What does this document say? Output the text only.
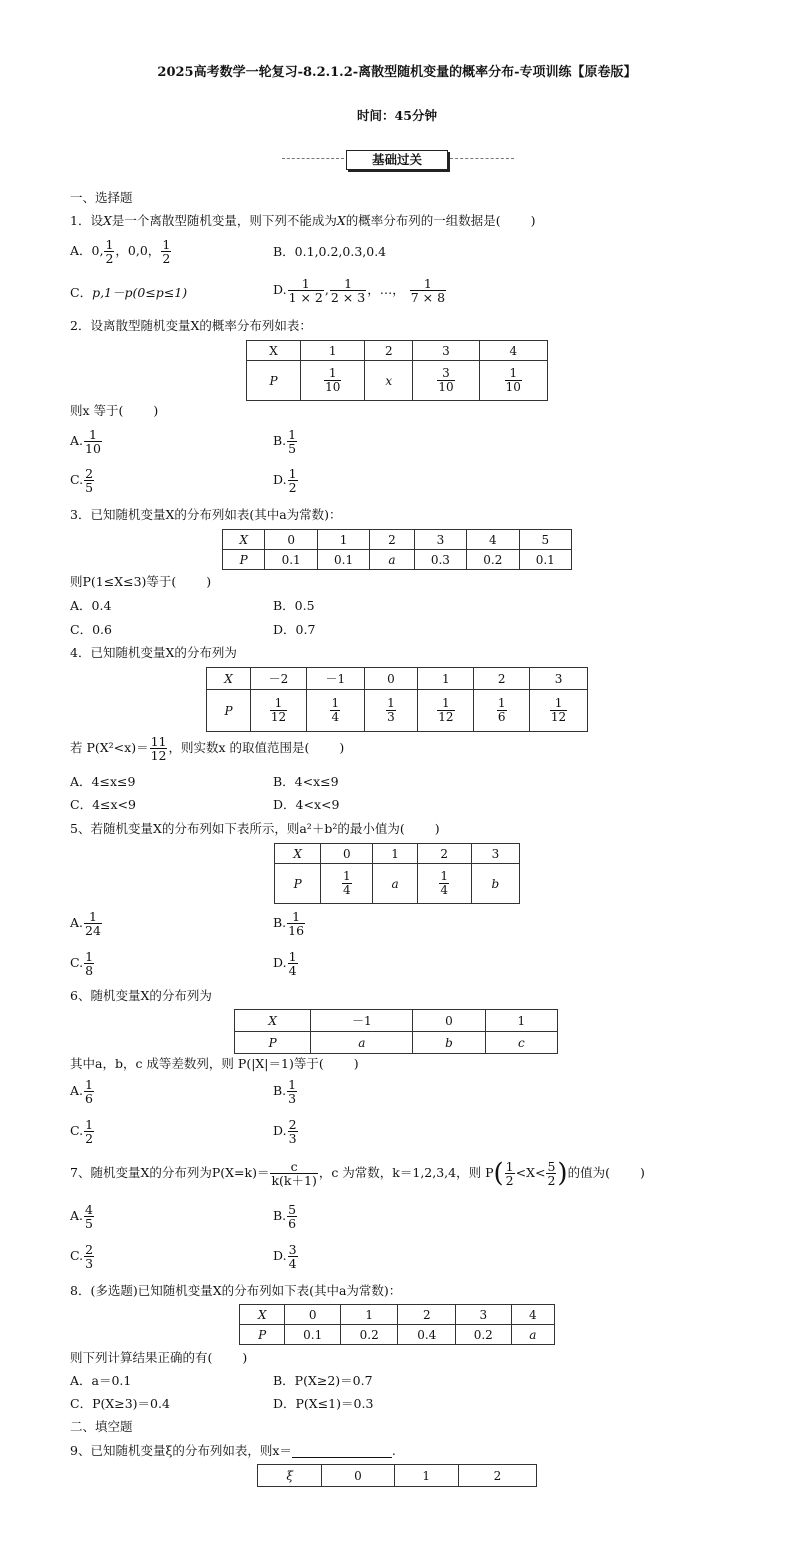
2025高考数学一轮复习-8.2.1.2-离散型随机变量的概率分布-专项训练【原卷版】
时间：45分钟
基础过关
一、选择题
1．设X是一个离散型随机变量，则下列不能成为X的概率分布列的一组数据是( )
A．0, $\frac{1}{2}$ ，0,0， $\frac{1}{2}$	B．0.1,0.2,0.3,0.4
C．p,1－p(0≤p≤1)	D. $\frac{1}{1 \times 2}$ , $\frac{1}{2 \times 3}$ ，…， $\frac{1}{7 \times 8}$
2．设离散型随机变量X的概率分布列如表：
X	1	2	3	4
P	$\frac{1}{10}$	x	$\frac{3}{10}$	$\frac{1}{10}$
则x 等于( )
A. $\frac{1}{10}$	B. $\frac{1}{5}$
C. $\frac{2}{5}$	D. $\frac{1}{2}$
3．已知随机变量X的分布列如表(其中a为常数)：
X	0	1	2	3	4	5
P	0.1	0.1	a	0.3	0.2	0.1
则P(1≤X≤3)等于( )
A．0.4	B．0.5
C．0.6	D．0.7
4．已知随机变量X的分布列为
X	－2	－1	0	1	2	3
P	$\frac{1}{12}$	$\frac{1}{4}$	$\frac{1}{3}$	$\frac{1}{12}$	$\frac{1}{6}$	$\frac{1}{12}$
若 $P(X^2<x)= \frac{11}{12}$ ，则实数x 的取值范围是( )
A．4≤x≤9	B．4<x≤9
C．4≤x<9	D．4<x<9
5、若随机变量X的分布列如下表所示，则a²＋b²的最小值为( )
X	0	1	2	3
P	$\frac{1}{4}$	a	$\frac{1}{4}$	b
A. $\frac{1}{24}$	B. $\frac{1}{16}$
C. $\frac{1}{8}$	D. $\frac{1}{4}$
6、随机变量X的分布列为
X	－1	0	1
P	a	b	c
其中a，b，c 成等差数列，则 P(|X|＝1)等于( )
A. $\frac{1}{6}$	B. $\frac{1}{3}$
C. $\frac{1}{2}$	D. $\frac{2}{3}$
7、随机变量X的分布列为$P(X=k)= \frac{c}{k(k+1)}$ ，c 为常数，k＝1,2,3,4，则 $P( \frac{1}{2} <X< \frac{5}{2}$ )的值为( )
A. $\frac{4}{5}$	B. $\frac{5}{6}$
C. $\frac{2}{3}$	D. $\frac{3}{4}$
8．(多选题)已知随机变量X的分布列如下表(其中a为常数)：
X	0	1	2	3	4
P	0.1	0.2	0.4	0.2	a
则下列计算结果正确的有( )
A．a＝0.1	B．P(X≥2)＝0.7
C．P(X≥3)＝0.4	D．P(X≤1)＝0.3
二、填空题
9、已知随机变量ξ的分布列如表，则x＝	.
ξ	0	1	2
